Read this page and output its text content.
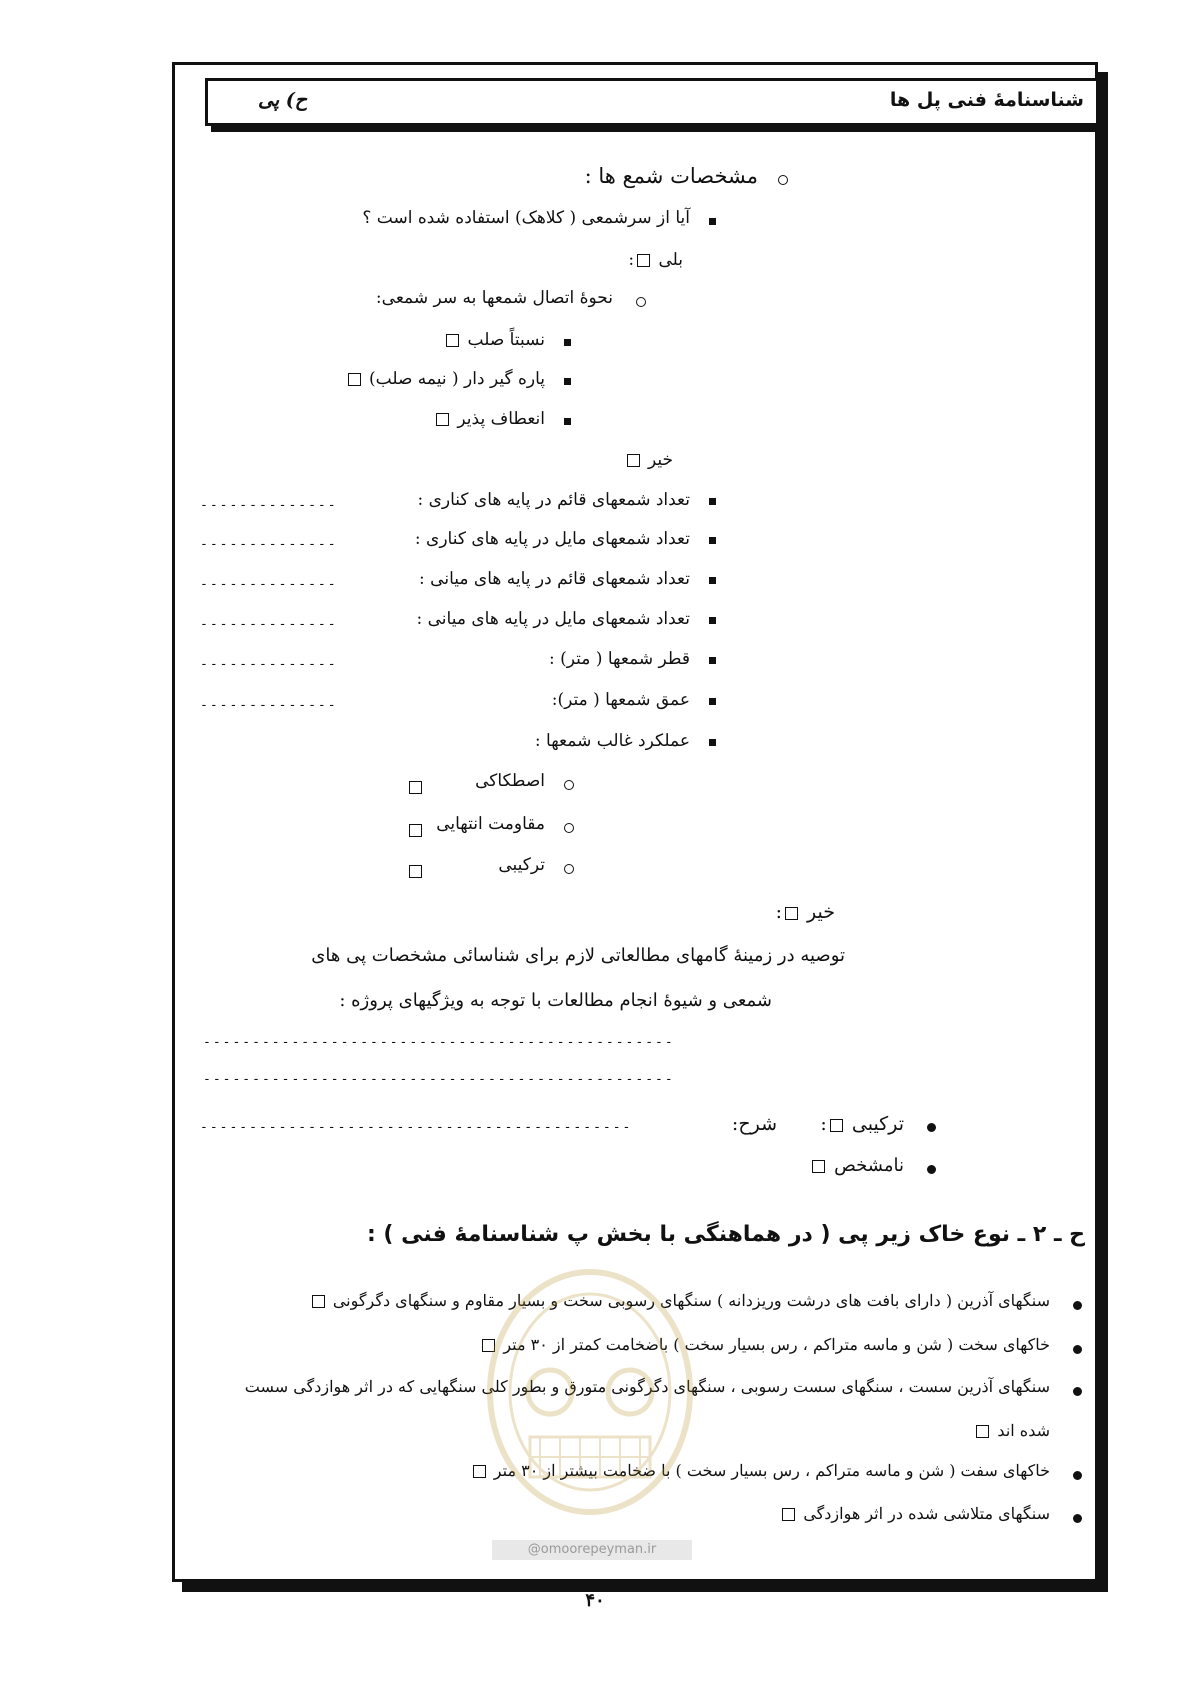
شناسنامهٔ فنی پل ها
ح) پی
مشخصات شمع ها :
آیا از سرشمعی ( کلاهک) استفاده شده است ؟
بلی :
نحوهٔ اتصال شمعها به سر شمعی:
نسبتاً صلب
پاره گیر دار ( نیمه صلب)
انعطاف پذیر
خیر
تعداد شمعهای قائم در پایه های کناری :
--------------
تعداد شمعهای مایل در پایه های کناری :
--------------
تعداد شمعهای قائم در پایه های میانی :
--------------
تعداد شمعهای مایل در پایه های میانی :
--------------
قطر شمعها ( متر) :
--------------
عمق شمعها ( متر):
--------------
عملکرد غالب شمعها :
اصطکاکی
مقاومت انتهایی
ترکیبی
خیر :
توصیه در زمینهٔ گامهای مطالعاتی لازم برای شناسائی مشخصات پی های
شمعی و شیوهٔ انجام مطالعات با توجه به ویژگیهای پروژه :
------------------------------------------------
------------------------------------------------
ترکیبی :
شرح:
--------------------------------------------
نامشخص
ح ـ ۲ ـ نوع خاک زیر پی ( در هماهنگی با بخش پ شناسنامهٔ فنی ) :
سنگهای آذرین ( دارای بافت های درشت وریزدانه ) سنگهای رسوبی سخت و بسیار مقاوم و سنگهای دگرگونی
خاکهای سخت ( شن و ماسه متراکم ، رس بسیار سخت ) باضخامت کمتر از ۳۰ متر
سنگهای آذرین سست ، سنگهای سست رسوبی ، سنگهای دگرگونی متورق و بطور کلی سنگهایی که در اثر هوازدگی سست
شده اند
خاکهای سفت ( شن و ماسه متراکم ، رس بسیار سخت ) با ضخامت بیشتر از ۳۰ متر
سنگهای متلاشی شده در اثر هوازدگی
@omoorepeyman.ir
۴۰
